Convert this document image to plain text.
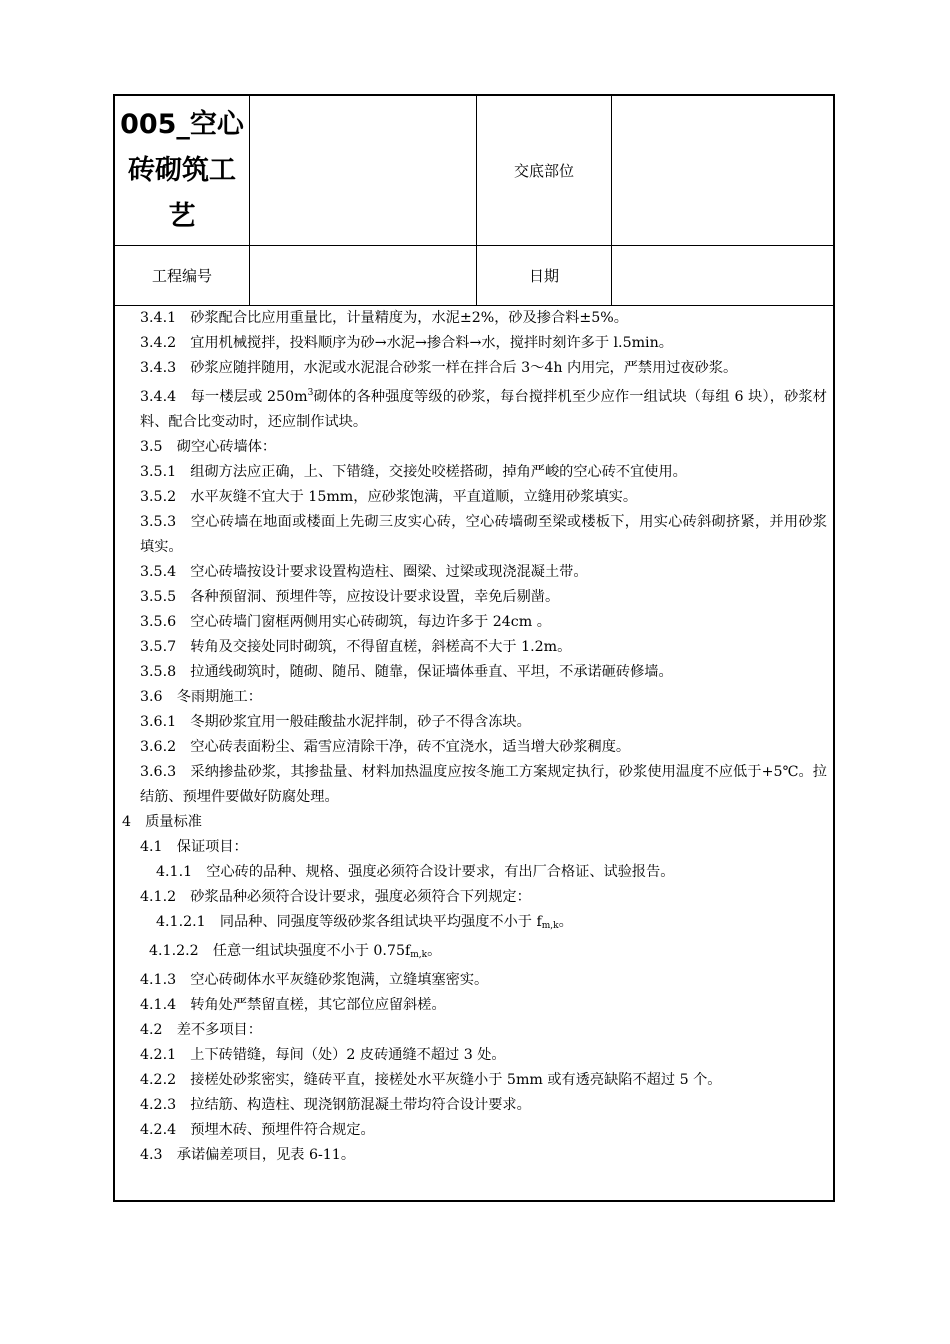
005_空心
砖砌筑工
艺
交底部位
工程编号	日期
3.4.1　砂浆配合比应用重量比，计量精度为，水泥±2%，砂及掺合料±5%。
3.4.2　宜用机械搅拌，投料顺序为砂→水泥→掺合料→水，搅拌时刻许多于 l.5min。
3.4.3　砂浆应随拌随用，水泥或水泥混合砂浆一样在拌合后 3～4h 内用完，严禁用过夜砂浆。
3.4.4　每一楼层或 $250m^3$砌体的各种强度等级的砂浆，每台搅拌机至少应作一组试块（每组 6 块），砂浆材料、配合比变动时，还应制作试块。
3.5　砌空心砖墙体：
3.5.1　组砌方法应正确，上、下错缝，交接处咬槎搭砌，掉角严峻的空心砖不宜使用。
3.5.2　水平灰缝不宜大于 15mm，应砂浆饱满，平直道顺，立缝用砂浆填实。
3.5.3　空心砖墙在地面或楼面上先砌三皮实心砖，空心砖墙砌至梁或楼板下，用实心砖斜砌挤紧，并用砂浆填实。
3.5.4　空心砖墙按设计要求设置构造柱、圈梁、过梁或现浇混凝土带。
3.5.5　各种预留洞、预埋件等，应按设计要求设置，幸免后剔凿。
3.5.6　空心砖墙门窗框两侧用实心砖砌筑，每边许多于 24cm 。
3.5.7　转角及交接处同时砌筑，不得留直槎，斜槎高不大于 1.2m。
3.5.8　拉通线砌筑时，随砌、随吊、随靠，保证墙体垂直、平坦，不承诺砸砖修墙。
3.6　冬雨期施工：
3.6.1　冬期砂浆宜用一般硅酸盐水泥拌制，砂子不得含冻块。
3.6.2　空心砖表面粉尘、霜雪应清除干净，砖不宜浇水，适当增大砂浆稠度。
3.6.3　采纳掺盐砂浆，其掺盐量、材料加热温度应按冬施工方案规定执行，砂浆使用温度不应低于+5℃。拉结筋、预埋件要做好防腐处理。
4　质量标准
4.1　保证项目：
4.1.1　空心砖的品种、规格、强度必须符合设计要求，有出厂合格证、试验报告。
4.1.2　砂浆品种必须符合设计要求，强度必须符合下列规定：
4.1.2.1　同品种、同强度等级砂浆各组试块平均强度不小于 $f_{m,k}$。
4.1.2.2　任意一组试块强度不小于 $0.75f_{m,k}$。
4.1.3　空心砖砌体水平灰缝砂浆饱满，立缝填塞密实。
4.1.4　转角处严禁留直槎，其它部位应留斜槎。
4.2　差不多项目：
4.2.1　上下砖错缝，每间（处）2 皮砖通缝不超过 3 处。
4.2.2　接槎处砂浆密实，缝砖平直，接槎处水平灰缝小于 5mm 或有透亮缺陷不超过 5 个。
4.2.3　拉结筋、构造柱、现浇钢筋混凝土带均符合设计要求。
4.2.4　预埋木砖、预埋件符合规定。
4.3　承诺偏差项目，见表 6-11。
